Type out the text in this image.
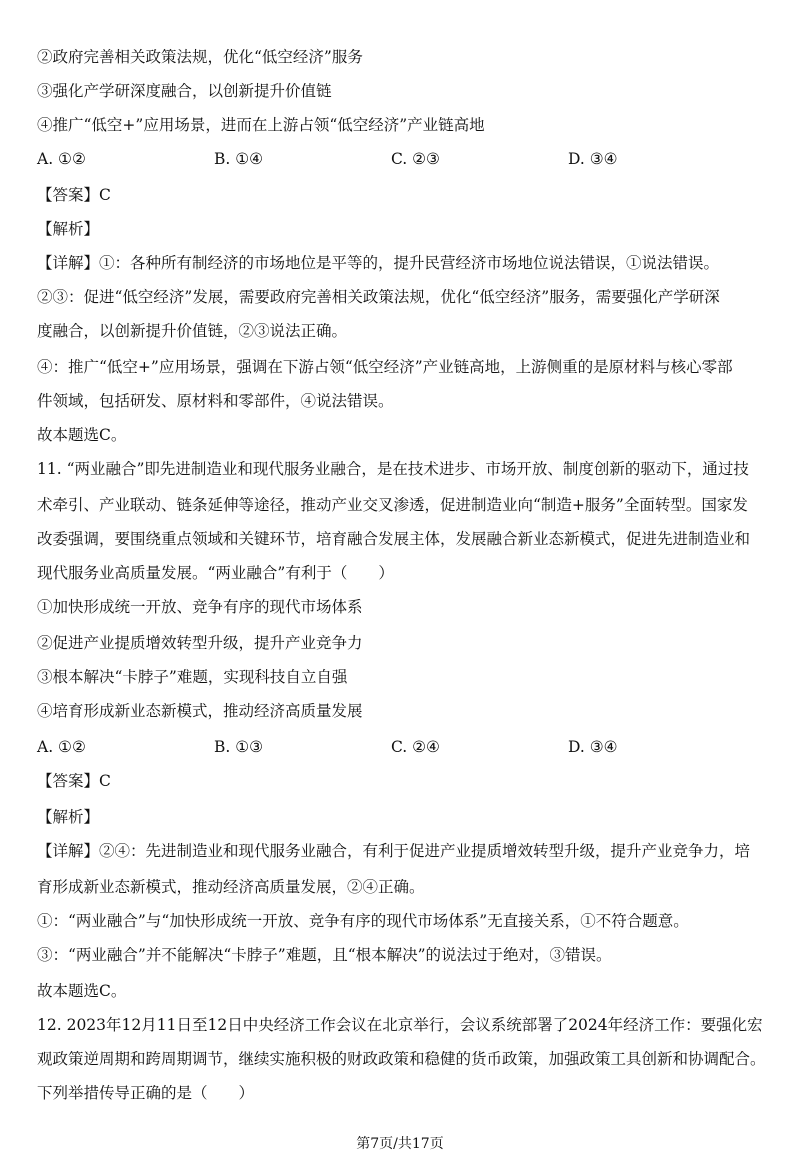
②政府完善相关政策法规，优化“低空经济”服务
③强化产学研深度融合，以创新提升价值链
④推广“低空+”应用场景，进而在上游占领“低空经济”产业链高地
A. ①②	B. ①④	C. ②③	D. ③④
【答案】C
【解析】
【详解】①：各种所有制经济的市场地位是平等的，提升民营经济市场地位说法错误，①说法错误。
②③：促进“低空经济”发展，需要政府完善相关政策法规，优化“低空经济”服务，需要强化产学研深
度融合，以创新提升价值链，②③说法正确。
④：推广“低空+”应用场景，强调在下游占领“低空经济”产业链高地，上游侧重的是原材料与核心零部
件领域，包括研发、原材料和零部件，④说法错误。
故本题选C。
11. “两业融合”即先进制造业和现代服务业融合，是在技术进步、市场开放、制度创新的驱动下，通过技
术牵引、产业联动、链条延伸等途径，推动产业交叉渗透，促进制造业向“制造+服务”全面转型。国家发
改委强调，要围绕重点领域和关键环节，培育融合发展主体，发展融合新业态新模式，促进先进制造业和
现代服务业高质量发展。“两业融合”有利于（　　）
①加快形成统一开放、竞争有序的现代市场体系
②促进产业提质增效转型升级，提升产业竞争力
③根本解决“卡脖子”难题，实现科技自立自强
④培育形成新业态新模式，推动经济高质量发展
A. ①②	B. ①③	C. ②④	D. ③④
【答案】C
【解析】
【详解】②④：先进制造业和现代服务业融合，有利于促进产业提质增效转型升级，提升产业竞争力，培
育形成新业态新模式，推动经济高质量发展，②④正确。
①：“两业融合”与“加快形成统一开放、竞争有序的现代市场体系”无直接关系，①不符合题意。
③：“两业融合”并不能解决“卡脖子”难题，且“根本解决”的说法过于绝对，③错误。
故本题选C。
12. 2023年12月11日至12日中央经济工作会议在北京举行，会议系统部署了2024年经济工作：要强化宏
观政策逆周期和跨周期调节，继续实施积极的财政政策和稳健的货币政策，加强政策工具创新和协调配合。
下列举措传导正确的是（　　）
第7页/共17页
